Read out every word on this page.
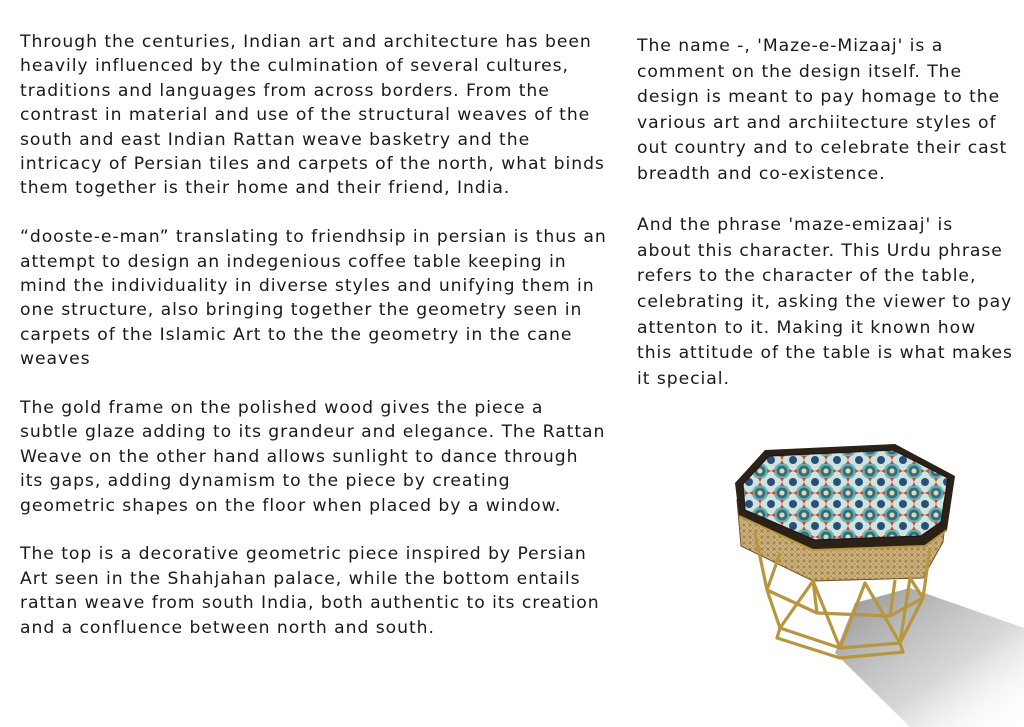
Through the centuries, Indian art and architecture has been
heavily influenced by the culmination of several cultures,
traditions and languages from across borders. From the
contrast in material and use of the structural weaves of the
south and east Indian Rattan weave basketry and the
intricacy of Persian tiles and carpets of the north, what binds
them together is their home and their friend, India.

“dooste-e-man” translating to friendhsip in persian is thus an
attempt to design an indegenious coffee table keeping in
mind the individuality in diverse styles and unifying them in
one structure, also bringing together the geometry seen in
carpets of the Islamic Art to the the geometry in the cane
weaves

The gold frame on the polished wood gives the piece a
subtle glaze adding to its grandeur and elegance. The Rattan
Weave on the other hand allows sunlight to dance through
its gaps, adding dynamism to the piece by creating
geometric shapes on the floor when placed by a window.

The top is a decorative geometric piece inspired by Persian
Art seen in the Shahjahan palace, while the bottom entails
rattan weave from south India, both authentic to its creation
and a confluence between north and south.

The name -, 'Maze-e-Mizaaj' is a
comment on the design itself. The
design is meant to pay homage to the
various art and archiitecture styles of
out country and to celebrate their cast
breadth and co-existence.

And the phrase 'maze-emizaaj' is
about this character. This Urdu phrase
refers to the character of the table,
celebrating it, asking the viewer to pay
attenton to it. Making it known how
this attitude of the table is what makes
it special.
